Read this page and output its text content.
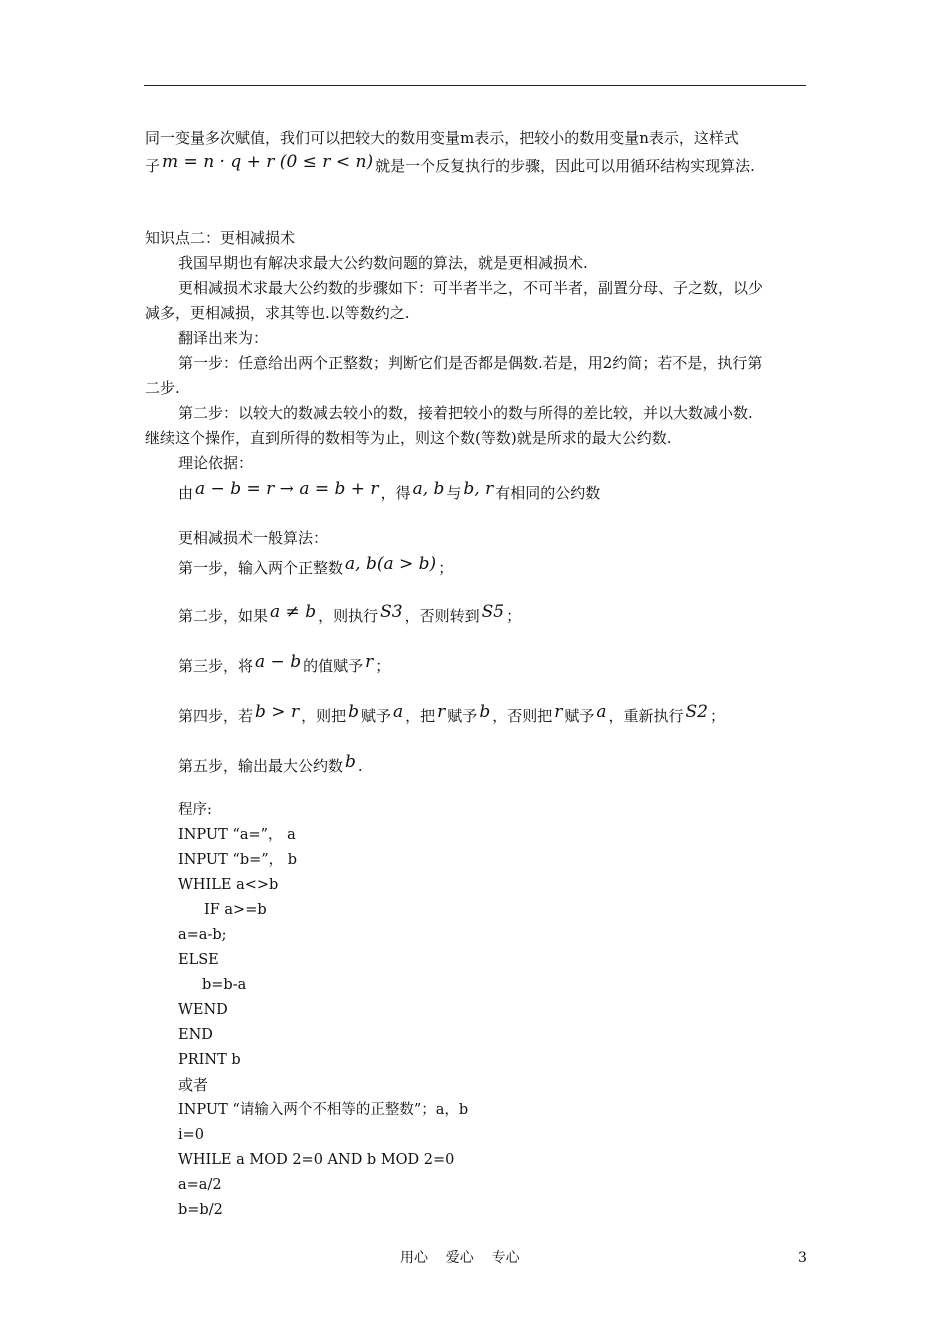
同一变量多次赋值，我们可以把较大的数用变量m表示，把较小的数用变量n表示，这样式
子 m = n · q + r (0 ≤ r < n) 就是一个反复执行的步骤，因此可以用循环结构实现算法.
知识点二：更相减损术
我国早期也有解决求最大公约数问题的算法，就是更相减损术.
更相减损术求最大公约数的步骤如下：可半者半之，不可半者，副置分母、子之数，以少
减多，更相减损，求其等也.以等数约之.
翻译出来为：
第一步：任意给出两个正整数；判断它们是否都是偶数.若是，用2约简；若不是，执行第
二步.
第二步：以较大的数减去较小的数，接着把较小的数与所得的差比较，并以大数减小数.
继续这个操作，直到所得的数相等为止，则这个数(等数)就是所求的最大公约数.
理论依据：
由 a − b = r → a = b + r ，得 a, b 与 b, r 有相同的公约数
更相减损术一般算法：
第一步，输入两个正整数 a, b(a > b) ；
第二步，如果 a ≠ b ，则执行 S3 ，否则转到 S5 ；
第三步，将 a − b 的值赋予 r ；
第四步，若 b > r ，则把 b 赋予 a ，把 r 赋予 b ，否则把 r 赋予 a ，重新执行 S2 ；
第五步，输出最大公约数 b .
程序:
INPUT “a=”， a
INPUT “b=”， b
WHILE a<>b
IF a>=b
a=a-b;
ELSE
b=b-a
WEND
END
PRINT b
或者
INPUT “请输入两个不相等的正整数”；a，b
i=0
WHILE a MOD 2=0 AND b MOD 2=0
a=a/2
b=b/2
用心    爱心    专心	3
